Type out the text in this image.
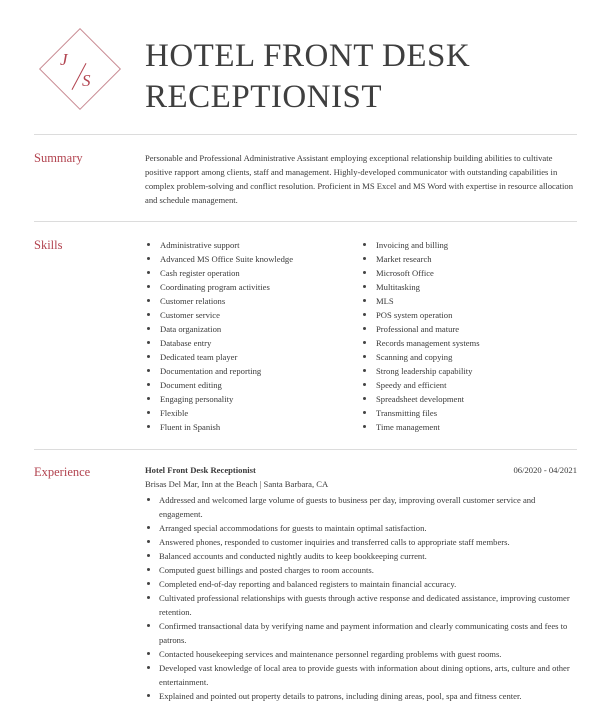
J
S
HOTEL FRONT DESK
RECEPTIONIST
Summary	Personable and Professional Administrative Assistant employing exceptional relationship building abilities to cultivate positive rapport among clients, staff and management. Highly-developed communicator with outstanding capabilities in complex problem-solving and conflict resolution. Proficient in MS Excel and MS Word with expertise in resource allocation and schedule management.
Skills	Administrative support
Advanced MS Office Suite knowledge
Cash register operation
Coordinating program activities
Customer relations
Customer service
Data organization
Database entry
Dedicated team player
Documentation and reporting
Document editing
Engaging personality
Flexible
Fluent in Spanish
Invoicing and billing
Market research
Microsoft Office
Multitasking
MLS
POS system operation
Professional and mature
Records management systems
Scanning and copying
Strong leadership capability
Speedy and efficient
Spreadsheet development
Transmitting files
Time management
Experience	Hotel Front Desk Receptionist	06/2020 - 04/2021
Brisas Del Mar, Inn at the Beach | Santa Barbara, CA
Addressed and welcomed large volume of guests to business per day, improving overall customer service and engagement.
Arranged special accommodations for guests to maintain optimal satisfaction.
Answered phones, responded to customer inquiries and transferred calls to appropriate staff members.
Balanced accounts and conducted nightly audits to keep bookkeeping current.
Computed guest billings and posted charges to room accounts.
Completed end-of-day reporting and balanced registers to maintain financial accuracy.
Cultivated professional relationships with guests through active response and dedicated assistance, improving customer retention.
Confirmed transactional data by verifying name and payment information and clearly communicating costs and fees to patrons.
Contacted housekeeping services and maintenance personnel regarding problems with guest rooms.
Developed vast knowledge of local area to provide guests with information about dining options, arts, culture and other entertainment.
Explained and pointed out property details to patrons, including dining areas, pool, spa and fitness center.
